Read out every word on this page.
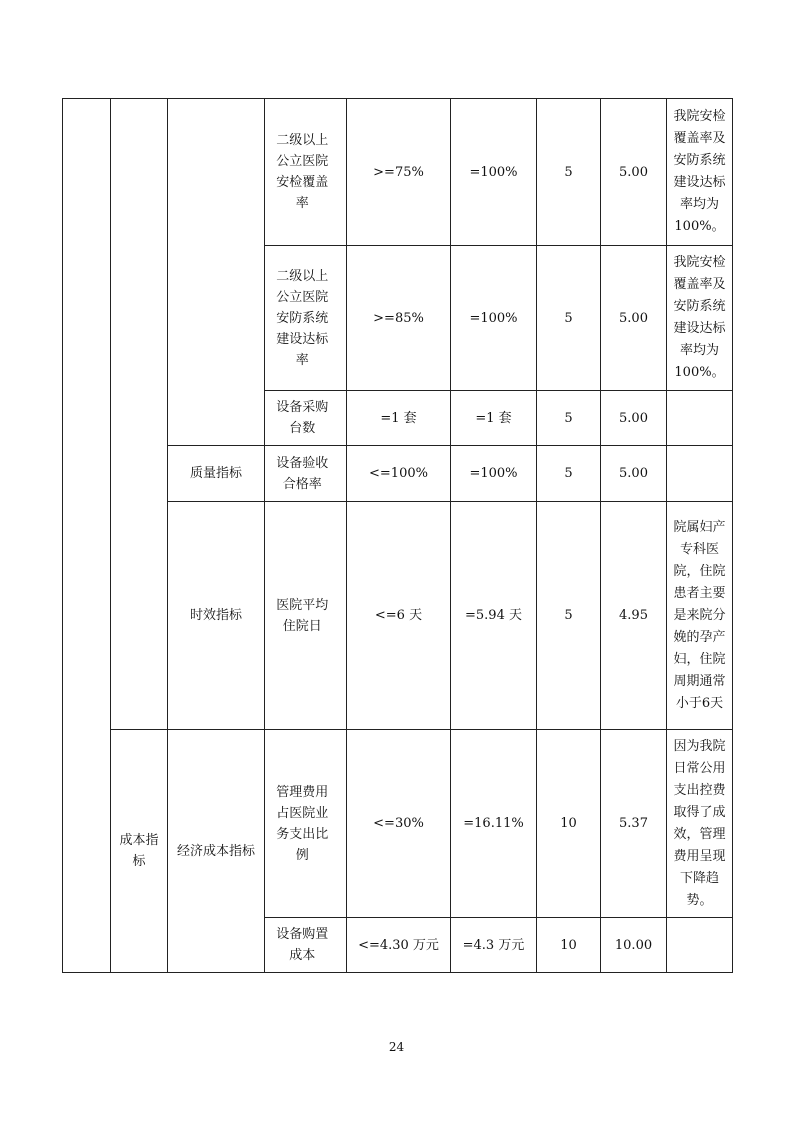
			二级以上公立医院安检覆盖率	>=75%	=100%	5	5.00	我院安检覆盖率及安防系统建设达标率均为100%。

			二级以上公立医院安防系统建设达标率	>=85%	=100%	5	5.00	我院安检覆盖率及安防系统建设达标率均为100%。

			设备采购台数	=1 套	=1 套	5	5.00	

		质量指标	设备验收合格率	<=100%	=100%	5	5.00	

		时效指标	医院平均住院日	<=6 天	=5.94 天	5	4.95	院属妇产专科医院，住院患者主要是来院分娩的孕产妇，住院周期通常小于6天

	成本指标	经济成本指标	管理费用占医院业务支出比例	<=30%	=16.11%	10	5.37	因为我院日常公用支出控费取得了成效，管理费用呈现下降趋势。

			设备购置成本	<=4.30 万元	=4.3 万元	10	10.00	
24
